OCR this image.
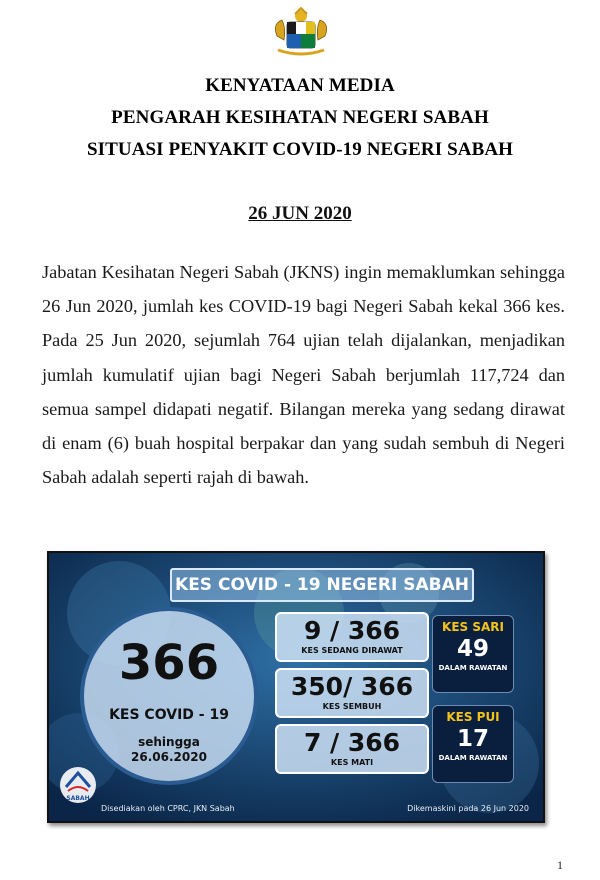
KENYATAAN MEDIA
PENGARAH KESIHATAN NEGERI SABAH
SITUASI PENYAKIT COVID-19 NEGERI SABAH
26 JUN 2020
Jabatan Kesihatan Negeri Sabah (JKNS) ingin memaklumkan sehingga 26 Jun 2020, jumlah kes COVID-19 bagi Negeri Sabah kekal 366 kes. Pada 25 Jun 2020, sejumlah 764 ujian telah dijalankan, menjadikan jumlah kumulatif ujian bagi Negeri Sabah berjumlah 117,724 dan semua sampel didapati negatif. Bilangan mereka yang sedang dirawat di enam (6) buah hospital berpakar dan yang sudah sembuh di Negeri Sabah adalah seperti rajah di bawah.
KES COVID - 19 NEGERI SABAH
366
KES COVID - 19
sehingga
26.06.2020
9 / 366
KES SEDANG DIRAWAT
350/ 366
KES SEMBUH
7 / 366
KES MATI
KES SARI
49
DALAM RAWATAN
KES PUI
17
DALAM RAWATAN
SABAH
Disediakan oleh CPRC, JKN Sabah	Dikemaskini pada 26 Jun 2020
1
